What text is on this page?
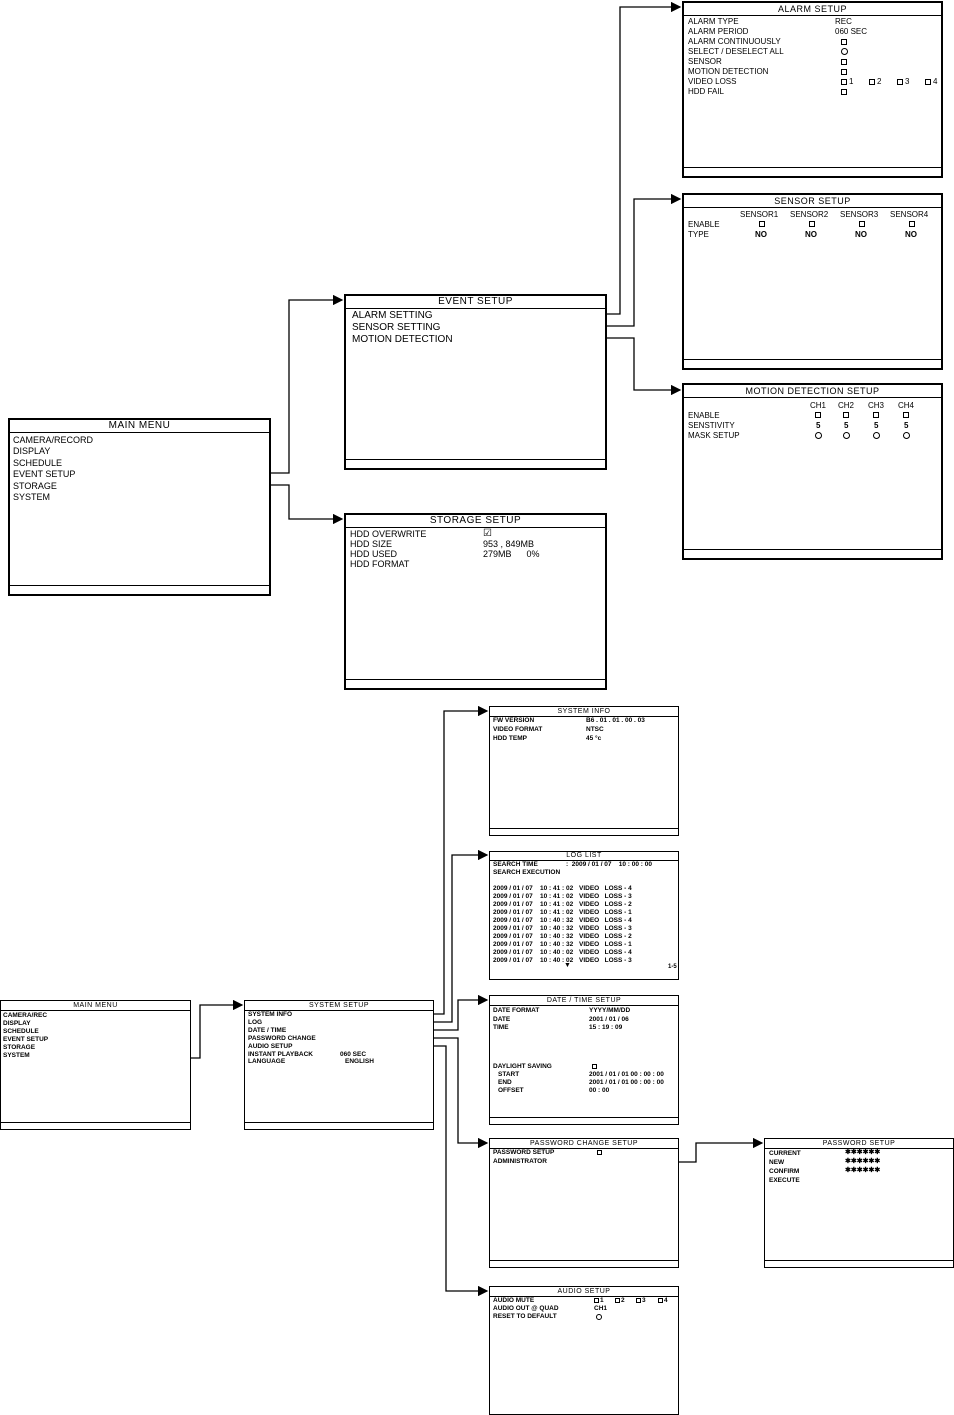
MAIN MENU
CAMERA/RECORD
DISPLAY
SCHEDULE
EVENT SETUP
STORAGE
SYSTEM
EVENT SETUP
ALARM SETTING
SENSOR SETTING
MOTION DETECTION
STORAGE SETUP
HDD OVERWRITE	☑
HDD SIZE	953 , 849MB
HDD USED	279MB      0%
HDD FORMAT
ALARM SETUP
ALARM TYPE	REC
ALARM PERIOD	060 SEC
ALARM CONTINUOUSLY
SELECT / DESELECT ALL
SENSOR
MOTION DETECTION
VIDEO LOSS	1	2	3	4
HDD FAIL
SENSOR SETUP
SENSOR1 SENSOR2 SENSOR3 SENSOR4
ENABLE
TYPE	NO	NO	NO	NO
MOTION DETECTION SETUP
CH1 CH2 CH3 CH4
ENABLE
SENSTIVITY	5	5	5	5
MASK SETUP
MAIN MENU
CAMERA/REC
DISPLAY
SCHEDULE
EVENT SETUP
STORAGE
SYSTEM
SYSTEM SETUP
SYSTEM INFO
LOG
DATE / TIME
PASSWORD CHANGE
AUDIO SETUP
INSTANT PLAYBACK	060 SEC
LANGUAGE	ENGLISH
SYSTEM INFO
FW VERSION	B6 . 01 . 01 . 00 . 03
VIDEO FORMAT	NTSC
HDD TEMP	45 °c
LOG LIST
SEARCH TIME	:  2009 / 01 / 07    10 : 00 : 00
SEARCH EXECUTION
2009 / 01 / 07    10 : 41 : 02 VIDEO   LOSS - 4
2009 / 01 / 07    10 : 41 : 02 VIDEO   LOSS - 3
2009 / 01 / 07    10 : 41 : 02 VIDEO   LOSS - 2
2009 / 01 / 07    10 : 41 : 02 VIDEO   LOSS - 1
2009 / 01 / 07    10 : 40 : 32 VIDEO   LOSS - 4
2009 / 01 / 07    10 : 40 : 32 VIDEO   LOSS - 3
2009 / 01 / 07    10 : 40 : 32 VIDEO   LOSS - 2
2009 / 01 / 07    10 : 40 : 32 VIDEO   LOSS - 1
2009 / 01 / 07    10 : 40 : 02 VIDEO   LOSS - 4
2009 / 01 / 07    10 : 40 : 02 VIDEO   LOSS - 3
▼	1-5
DATE / TIME SETUP
DATE FORMAT	YYYY/MM/DD
DATE	2001 / 01 / 06
TIME	15 : 19 : 09
DAYLIGHT SAVING
START	2001 / 01 / 01 00 : 00 : 00
END	2001 / 01 / 01 00 : 00 : 00
OFFSET	00 : 00
PASSWORD CHANGE SETUP
PASSWORD SETUP
ADMINISTRATOR
PASSWORD SETUP
CURRENT	✱✱✱✱✱✱
NEW	✱✱✱✱✱✱
CONFIRM	✱✱✱✱✱✱
EXECUTE
AUDIO SETUP
AUDIO MUTE	1	2	3	4
AUDIO OUT @ QUAD	CH1
RESET TO DEFAULT
